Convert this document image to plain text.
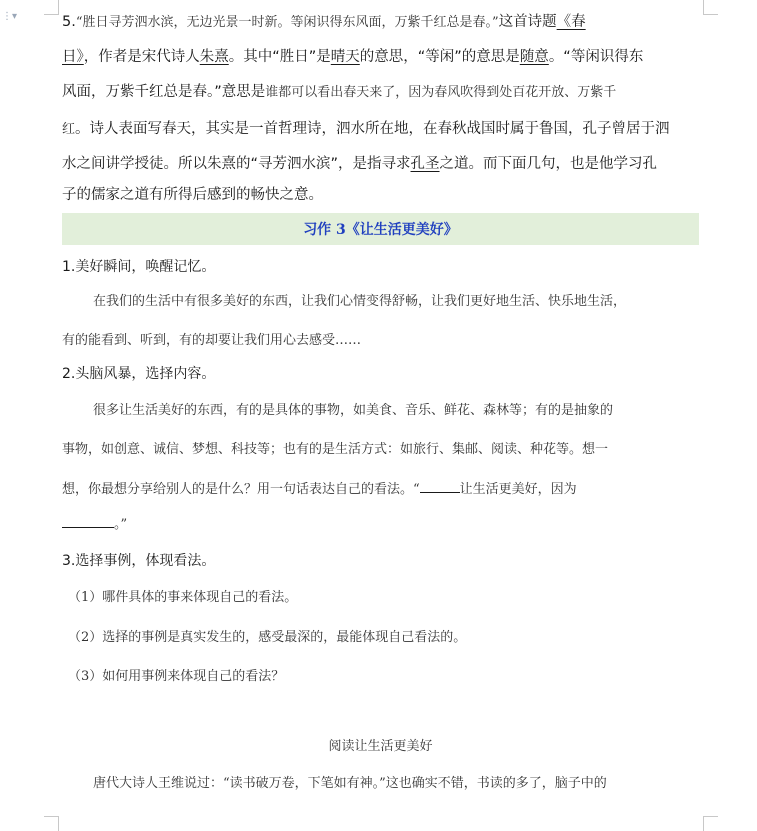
⋮▾	5.“胜日寻芳泗水滨，无边光景一时新。等闲识得东风面，万紫千红总是春。”这首诗题《春
日》，作者是宋代诗人朱熹。其中“胜日”是晴天的意思，“等闲”的意思是随意。“等闲识得东
风面，万紫千红总是春。”意思是谁都可以看出春天来了，因为春风吹得到处百花开放、万紫千
红。诗人表面写春天，其实是一首哲理诗，泗水所在地，在春秋战国时属于鲁国，孔子曾居于泗
水之间讲学授徒。所以朱熹的“寻芳泗水滨”，是指寻求孔圣之道。而下面几句，也是他学习孔
子的儒家之道有所得后感到的畅快之意。
习作 3《让生活更美好》
1.美好瞬间，唤醒记忆。
在我们的生活中有很多美好的东西，让我们心情变得舒畅，让我们更好地生活、快乐地生活，
有的能看到、听到，有的却要让我们用心去感受……
2.头脑风暴，选择内容。
很多让生活美好的东西，有的是具体的事物，如美食、音乐、鲜花、森林等；有的是抽象的
事物，如创意、诚信、梦想、科技等；也有的是生活方式：如旅行、集邮、阅读、种花等。想一
想，你最想分享给别人的是什么？用一句话表达自己的看法。“	让生活更美好，因为
。”
3.选择事例，体现看法。
（1）哪件具体的事来体现自己的看法。
（2）选择的事例是真实发生的，感受最深的，最能体现自己看法的。
（3）如何用事例来体现自己的看法？
阅读让生活更美好
唐代大诗人王维说过：“读书破万卷，下笔如有神。”这也确实不错，书读的多了，脑子中的
